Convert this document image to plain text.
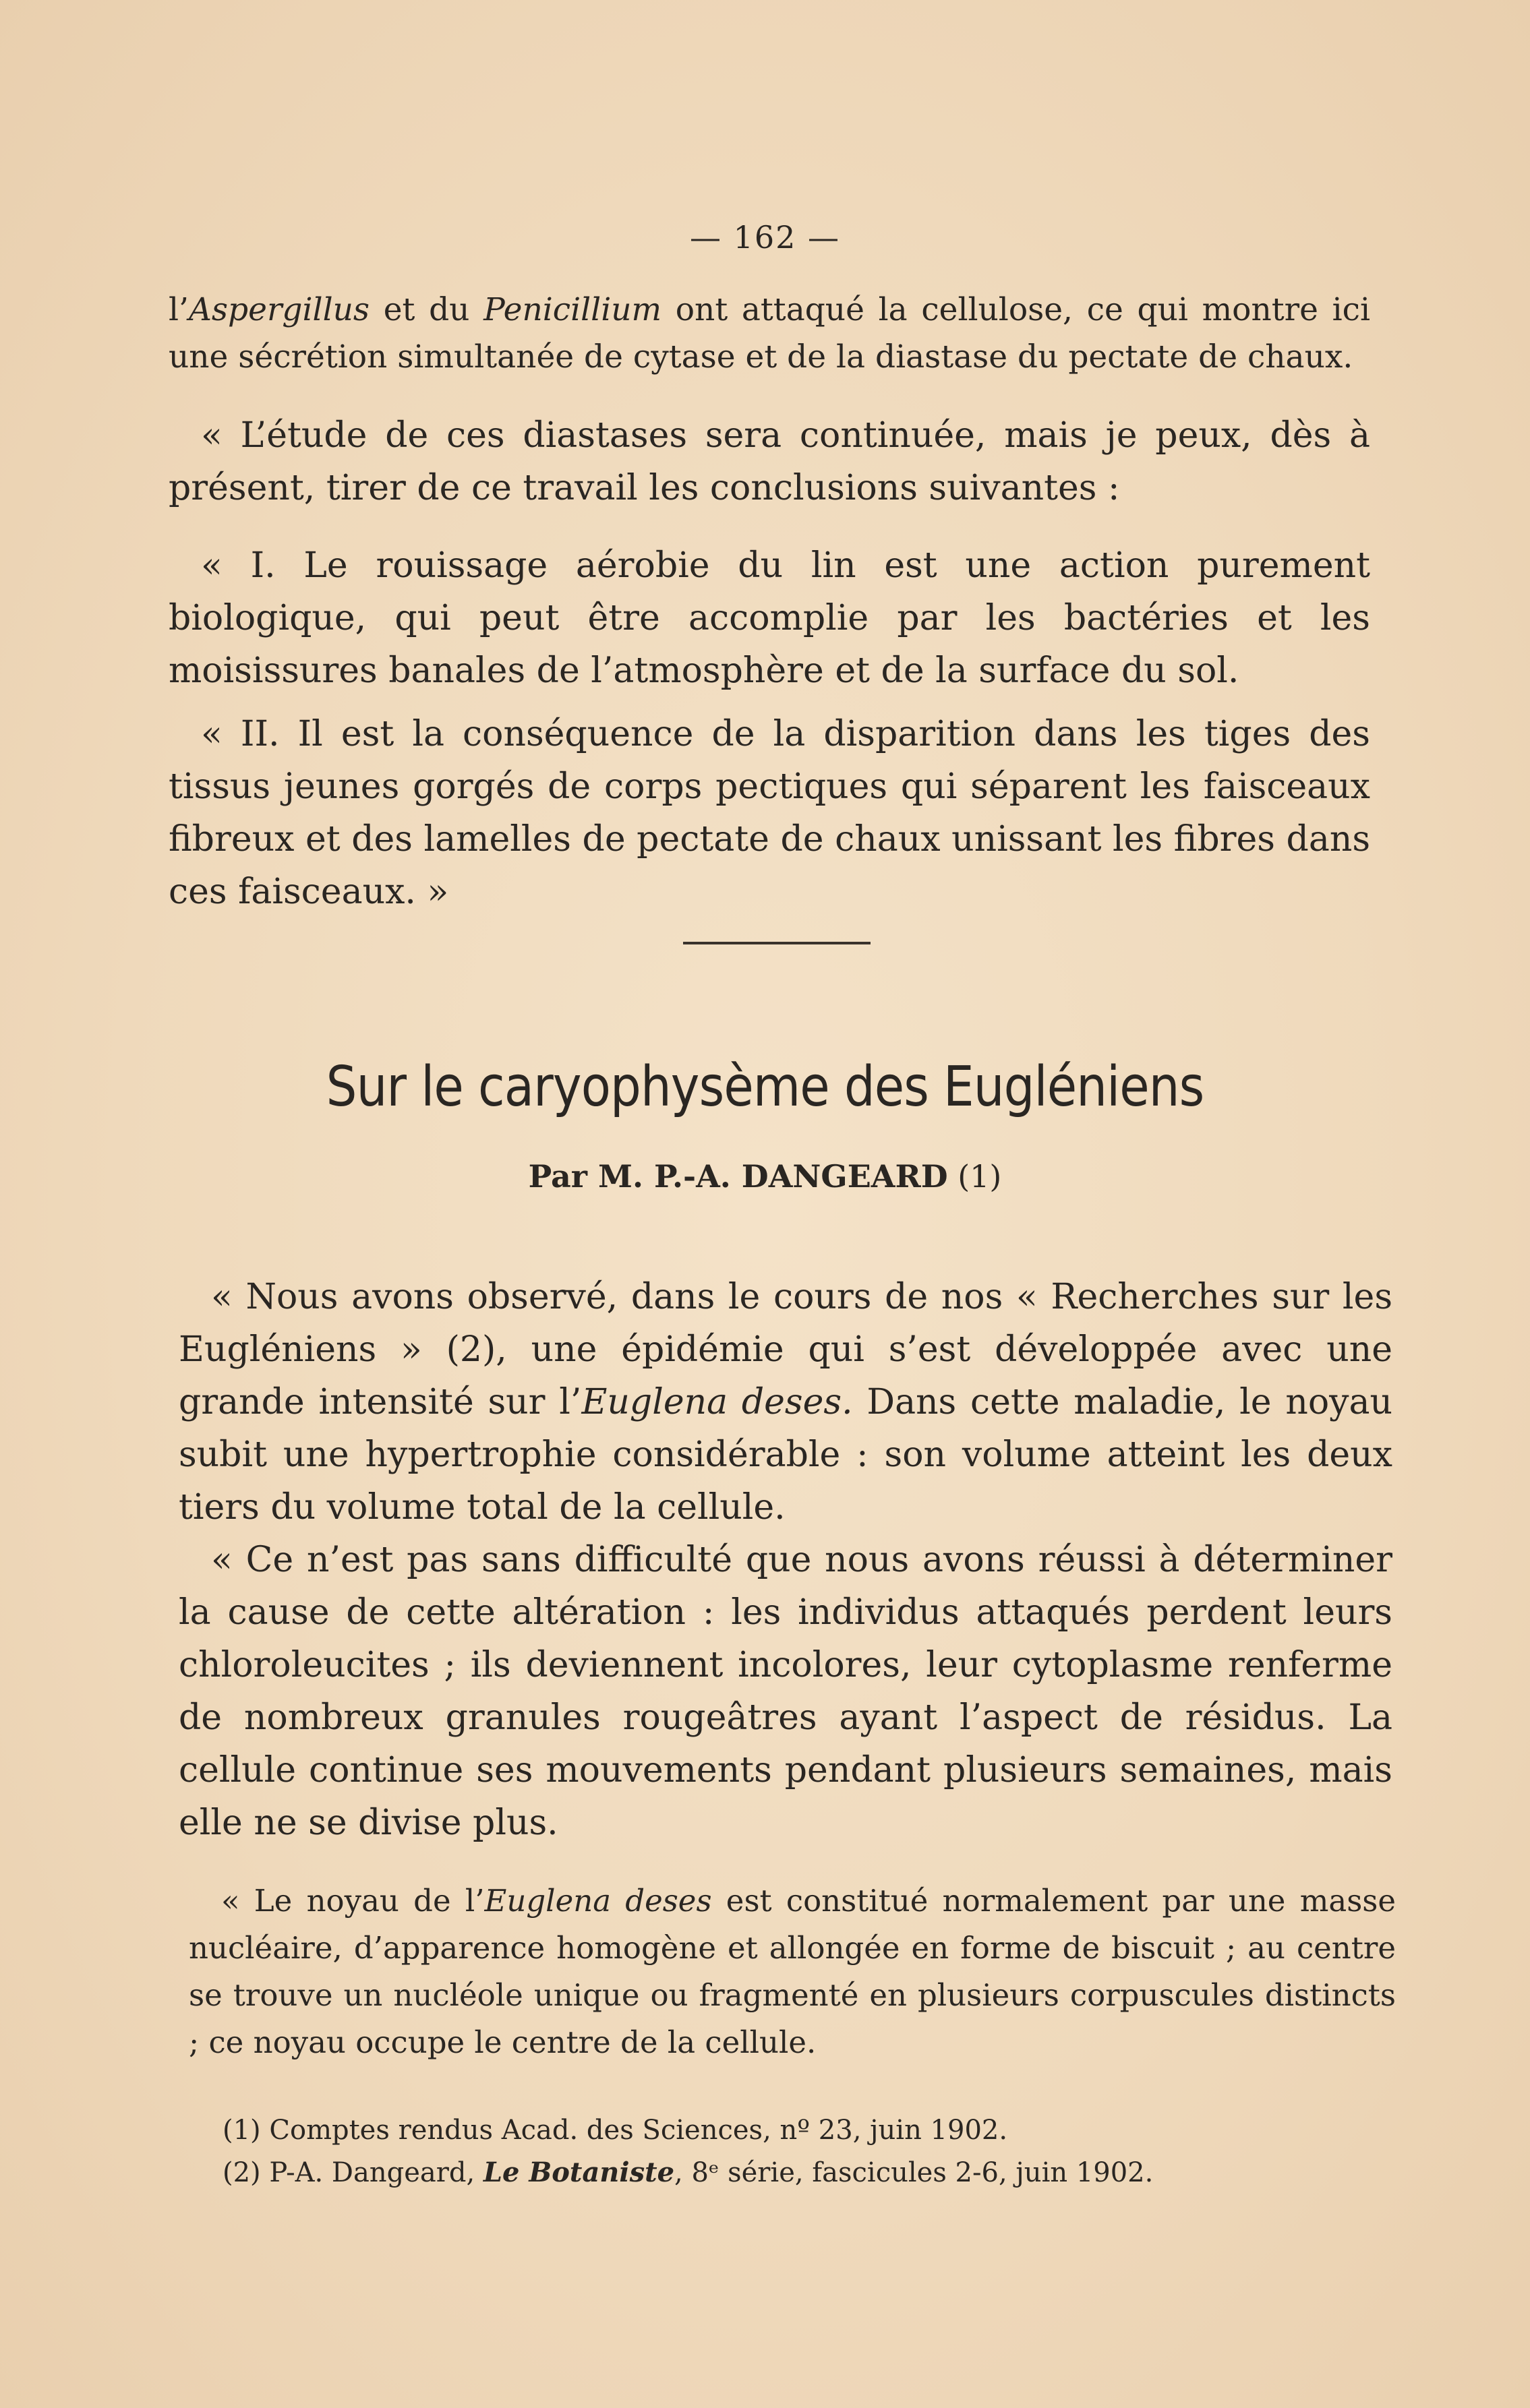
— 162 —

l’Aspergillus et du Penicillium ont attaqué la cellulose, ce qui montre ici une sécrétion simultanée de cytase et de la diastase du pectate de chaux.

« L’étude de ces diastases sera continuée, mais je peux, dès à présent, tirer de ce travail les conclusions suivantes :

« I. Le rouissage aérobie du lin est une action purement biologique, qui peut être accomplie par les bactéries et les moisissures banales de l’atmosphère et de la surface du sol.

« II. Il est la conséquence de la disparition dans les tiges des tissus jeunes gorgés de corps pectiques qui séparent les faisceaux fibreux et des lamelles de pectate de chaux unissant les fibres dans ces faisceaux. »

Sur le caryophysème des Eugléniens
Par M. P.-A. DANGEARD (1)

« Nous avons observé, dans le cours de nos « Recherches sur les Eugléniens » (2), une épidémie qui s’est développée avec une grande intensité sur l’Euglena deses. Dans cette maladie, le noyau subit une hypertrophie considérable : son volume atteint les deux tiers du volume total de la cellule.

« Ce n’est pas sans difficulté que nous avons réussi à déterminer la cause de cette altération : les individus attaqués perdent leurs chloroleucites ; ils deviennent incolores, leur cytoplasme renferme de nombreux granules rougeâtres ayant l’aspect de résidus. La cellule continue ses mouvements pendant plusieurs semaines, mais elle ne se divise plus.

« Le noyau de l’Euglena deses est constitué normalement par une masse nucléaire, d’apparence homogène et allongée en forme de biscuit ; au centre se trouve un nucléole unique ou fragmenté en plusieurs corpuscules distincts ; ce noyau occupe le centre de la cellule.

(1) Comptes rendus Acad. des Sciences, nº 23, juin 1902.
(2) P-A. Dangeard, Le Botaniste, 8ᵉ série, fascicules 2-6, juin 1902.
